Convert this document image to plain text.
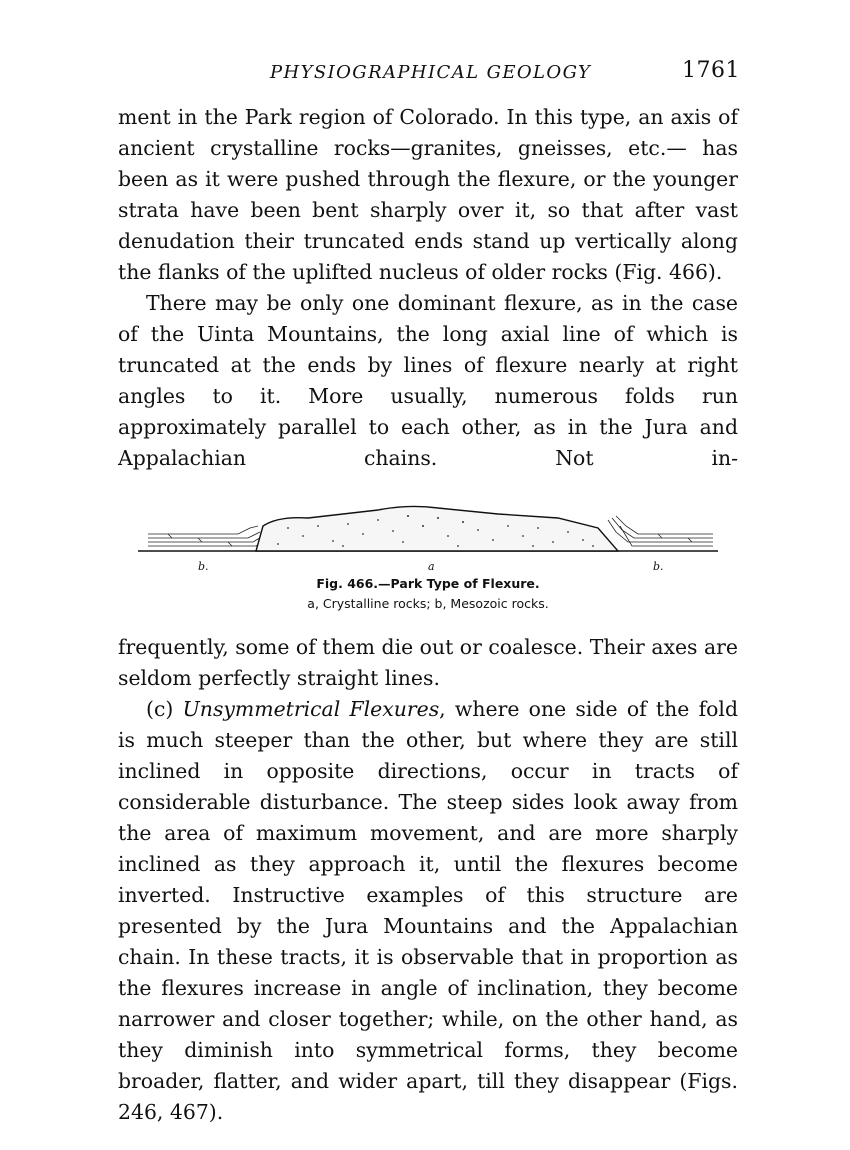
PHYSIOGRAPHICAL GEOLOGY	1761

ment in the Park region of Colorado. In this type, an axis of ancient crystalline rocks—granites, gneisses, etc.— has been as it were pushed through the flexure, or the younger strata have been bent sharply over it, so that after vast denudation their truncated ends stand up vertically along the flanks of the uplifted nucleus of older rocks (Fig. 466).

There may be only one dominant flexure, as in the case of the Uinta Mountains, the long axial line of which is truncated at the ends by lines of flexure nearly at right angles to it. More usually, numerous folds run approximately parallel to each other, as in the Jura and Appalachian chains. Not in-

b.	a	b.
Fig. 466.—Park Type of Flexure.
a, Crystalline rocks; b, Mesozoic rocks.

frequently, some of them die out or coalesce. Their axes are seldom perfectly straight lines.

(c) Unsymmetrical Flexures, where one side of the fold is much steeper than the other, but where they are still inclined in opposite directions, occur in tracts of considerable disturbance. The steep sides look away from the area of maximum movement, and are more sharply inclined as they approach it, until the flexures become inverted. Instructive examples of this structure are presented by the Jura Mountains and the Appalachian chain. In these tracts, it is observable that in proportion as the flexures increase in angle of inclination, they become narrower and closer together; while, on the other hand, as they diminish into symmetrical forms, they become broader, flatter, and wider apart, till they disappear (Figs. 246, 467).
